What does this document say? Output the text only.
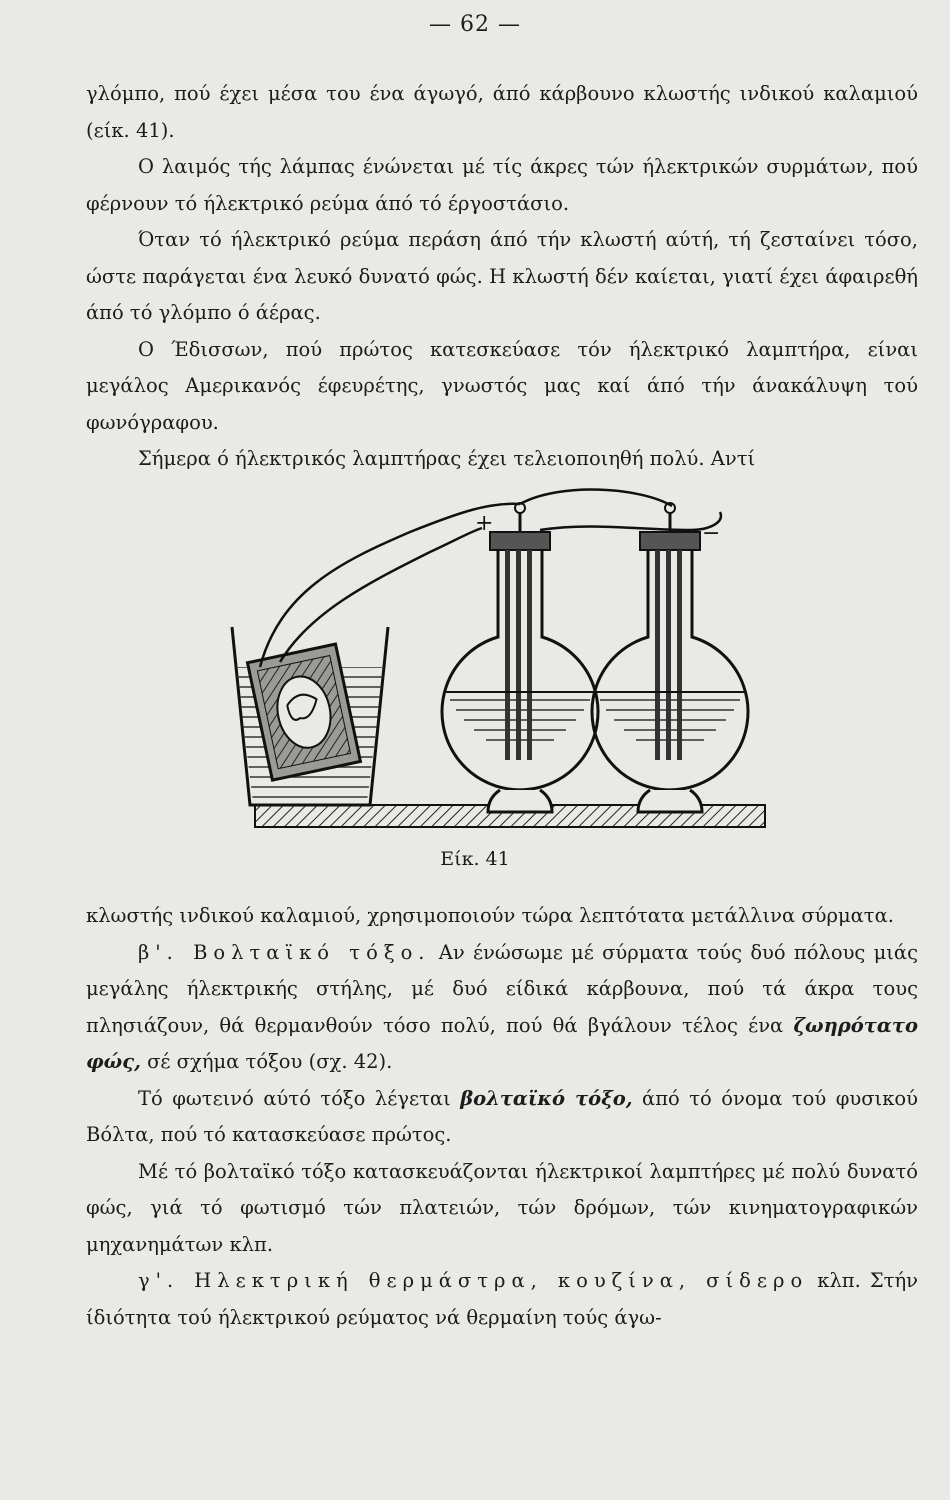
— 62 —

γλόμπο, πού έχει μέσα του ένα άγωγό, άπό κάρβουνο κλωστής ινδικού καλαμιού (είκ. 41).

Ο λαιμός τής λάμπας ένώνεται μέ τίς άκρες τών ήλεκτρικών συρμάτων, πού φέρνουν τό ήλεκτρικό ρεύμα άπό τό έργοστάσιο.

Όταν τό ήλεκτρικό ρεύμα περάση άπό τήν κλωστή αύτή, τή ζεσταίνει τόσο, ώστε παράγεται ένα λευκό δυνατό φώς. Η κλωστή δέν καίεται, γιατί έχει άφαιρεθή άπό τό γλόμπο ό άέρας.

Ο Έδισσων, πού πρώτος κατεσκεύασε τόν ήλεκτρικό λαμπτήρα, είναι μεγάλος Αμερικανός έφευρέτης, γνωστός μας καί άπό τήν άνακάλυψη τού φωνόγραφου.

Σήμερα ό ήλεκτρικός λαμπτήρας έχει τελειοποιηθή πολύ. Αντί

+	−
Είκ. 41

κλωστής ινδικού καλαμιού, χρησιμοποιούν τώρα λεπτότατα μετάλλινα σύρματα.

β'. Βολταϊκό τόξο. Αν ένώσωμε μέ σύρματα τούς δυό πόλους μιάς μεγάλης ήλεκτρικής στήλης, μέ δυό είδικά κάρβουνα, πού τά άκρα τους πλησιάζουν, θά θερμανθούν τόσο πολύ, πού θά βγάλουν τέλος ένα ζωηρότατο φώς, σέ σχήμα τόξου (σχ. 42).

Τό φωτεινό αύτό τόξο λέγεται βολταϊκό τόξο, άπό τό όνομα τού φυσικού Βόλτα, πού τό κατασκεύασε πρώτος.

Μέ τό βολταϊκό τόξο κατασκευάζονται ήλεκτρικοί λαμπτήρες μέ πολύ δυνατό φώς, γιά τό φωτισμό τών πλατειών, τών δρόμων, τών κινηματογραφικών μηχανημάτων κλπ.

γ'. Ηλεκτρική θερμάστρα, κουζίνα, σίδερο κλπ. Στήν ίδιότητα τού ήλεκτρικού ρεύματος νά θερμαίνη τούς άγω-
